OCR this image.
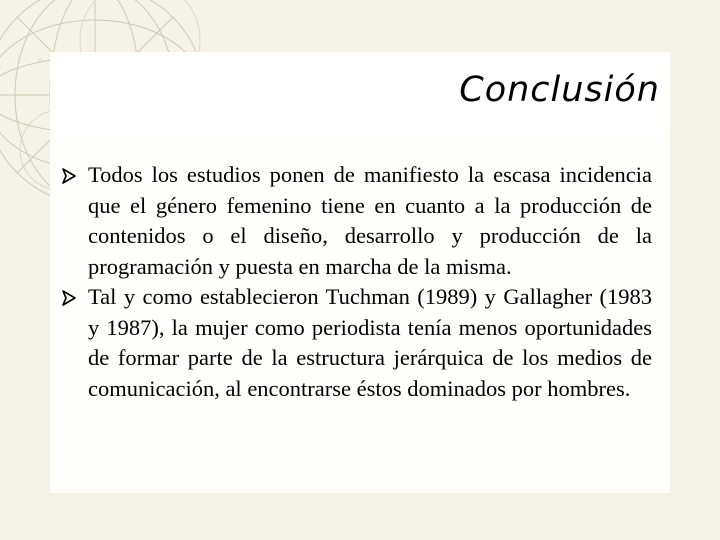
Conclusión
Todos los estudios ponen de manifiesto la escasa incidencia que el género femenino tiene en cuanto a la producción de contenidos o el diseño, desarrollo y producción de la programación y puesta en marcha de la misma.
Tal y como establecieron Tuchman (1989) y Gallagher (1983 y 1987), la mujer como periodista tenía menos oportunidades de formar parte de la estructura jerárquica de los medios de comunicación, al encontrarse éstos dominados por hombres.
